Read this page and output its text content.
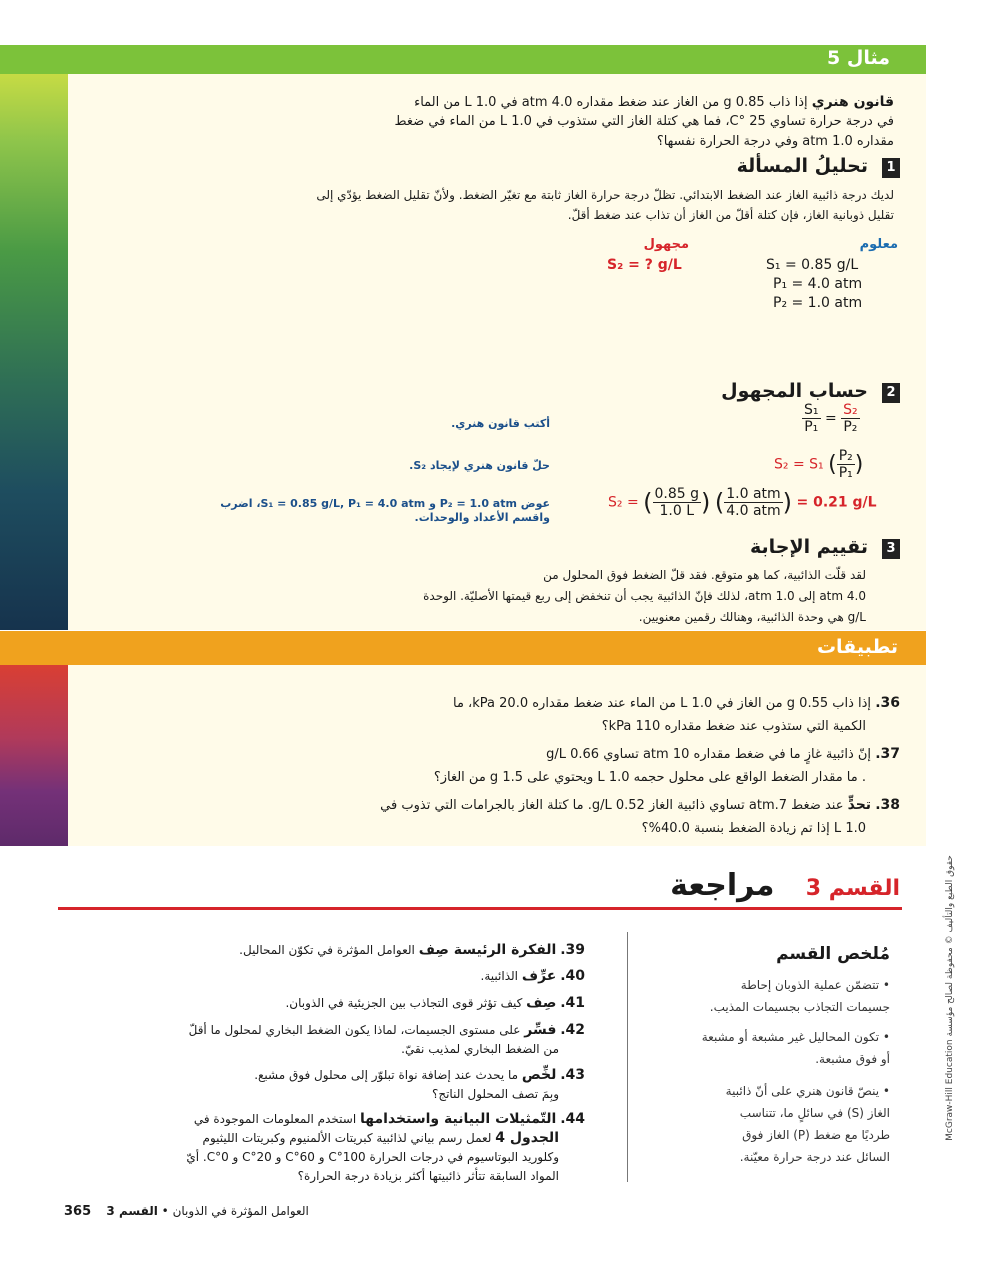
مثال 5
قانون هنري إذا ذاب 0.85 g من الغاز عند ضغط مقداره 4.0 atm في 1.0 L من الماء
في درجة حرارة تساوي 25 °C، فما هي كتلة الغاز التي ستذوب في 1.0 L من الماء في ضغط
مقداره 1.0 atm وفي درجة الحرارة نفسها؟
1
تحليلُ المسألة
لديك درجة ذائبية الغاز عند الضغط الابتدائي. تظلّ درجة حرارة الغاز ثابتة مع تغيّر الضغط. ولأنّ تقليل الضغط يؤدّي إلى
تقليل ذوبانية الغاز، فإن كتلة أقلّ من الغاز أن تذاب عند ضغط أقلّ.
معلوم
مجهول
S₁ = 0.85 g/L
P₁ = 4.0 atm
P₂ = 1.0 atm
S₂ = ? g/L
2
حساب المجهول
$\frac{\text{S₁}}{\text{P₁}} = \frac{\text{S₂}}{\text{P₂}}$
أكتب قانون هنري.
S₂ = S₁ ( $\frac{\text{P₂}}{\text{P₁}}$ )
حلّ قانون هنري لإيجاد S₂.
S₂ = ( $\frac{0.85 g}{1.0 L}$ ) ( $\frac{\text{1.0 atm}}{\text{4.0 atm}}$ ) = 0.21 g/L
عوض P₂ = 1.0 atm و S₁ = 0.85 g/L, P₁ = 4.0 atm، اضرب
واقسم الأعداد والوحدات.
3
تقييم الإجابة
لقد قلّت الذائبية، كما هو متوقع. فقد قلّ الضغط فوق المحلول من
4.0 atm إلى 1.0 atm، لذلك فإنّ الذائبية يجب أن تنخفض إلى ربع قيمتها الأصليّة. الوحدة
g/L هي وحدة الذائبية، وهنالك رقمين معنويين.
تطبيقات
36. إذا ذاب 0.55 g من الغاز في 1.0 L من الماء عند ضغط مقداره 20.0 kPa، ما
الكمية التي ستذوب عند ضغط مقداره 110 kPa؟
37. إنّ ذائبية غازٍ ما في ضغط مقداره 10 atm تساوي 0.66 g/L
. ما مقدار الضغط الواقع على محلول حجمه 1.0 L ويحتوي على 1.5 g من الغاز؟
38. تحدٍّ عند ضغط 7.atm تساوي ذائبية الغاز 0.52 g/L. ما كتلة الغاز بالجرامات التي تذوب في
1.0 L إذا تم زيادة الضغط بنسبة 40.0%؟
القسم 3   مراجعة
مُلخص القسم
• تتضمّن عملية الذوبان إحاطة
جسيمات التجاذب بجسيمات المذيب.
• تكون المحاليل غير مشبعة أو مشبعة
أو فوق مشبعة.
• ينصّ قانون هنري على أنّ ذائبية
الغاز (S) في سائلٍ ما، تتناسب
طرديًا مع ضغط (P) الغاز فوق
السائل عند درجة حرارة معيّنة.
39. الفكرة الرئيسة صِف العوامل المؤثرة في تكوّن المحاليل.
40. عرِّف الذائبية.
41. صِف كيف تؤثر قوى التجاذب بين الجزيئية في الذوبان.
42. فسِّر على مستوى الجسيمات، لماذا يكون الضغط البخاري لمحلول ما أقلّ
من الضغط البخاري لمذيب نقيّ.
43. لخِّص ما يحدث عند إضافة نواة تبلوّر إلى محلول فوق مشبع.
وبِمَ تصف المحلول الناتج؟
44. التّمثيلات البيانية واستخدامها استخدم المعلومات الموجودة في
الجدول 4 لعمل رسم بياني لذائبية كبريتات الألمنيوم وكبريتات الليثيوم
وكلوريد البوتاسيوم في درجات الحرارة 100°C و 60°C و 20°C و 0°C. أيّ
المواد السابقة تتأثر ذائبيتها أكثر بزيادة درجة الحرارة؟
حقوق الطبع والتأليف © محفوظة لصالح مؤسسة McGraw-Hill Education
365	العوامل المؤثرة في الذوبان • القسم 3
